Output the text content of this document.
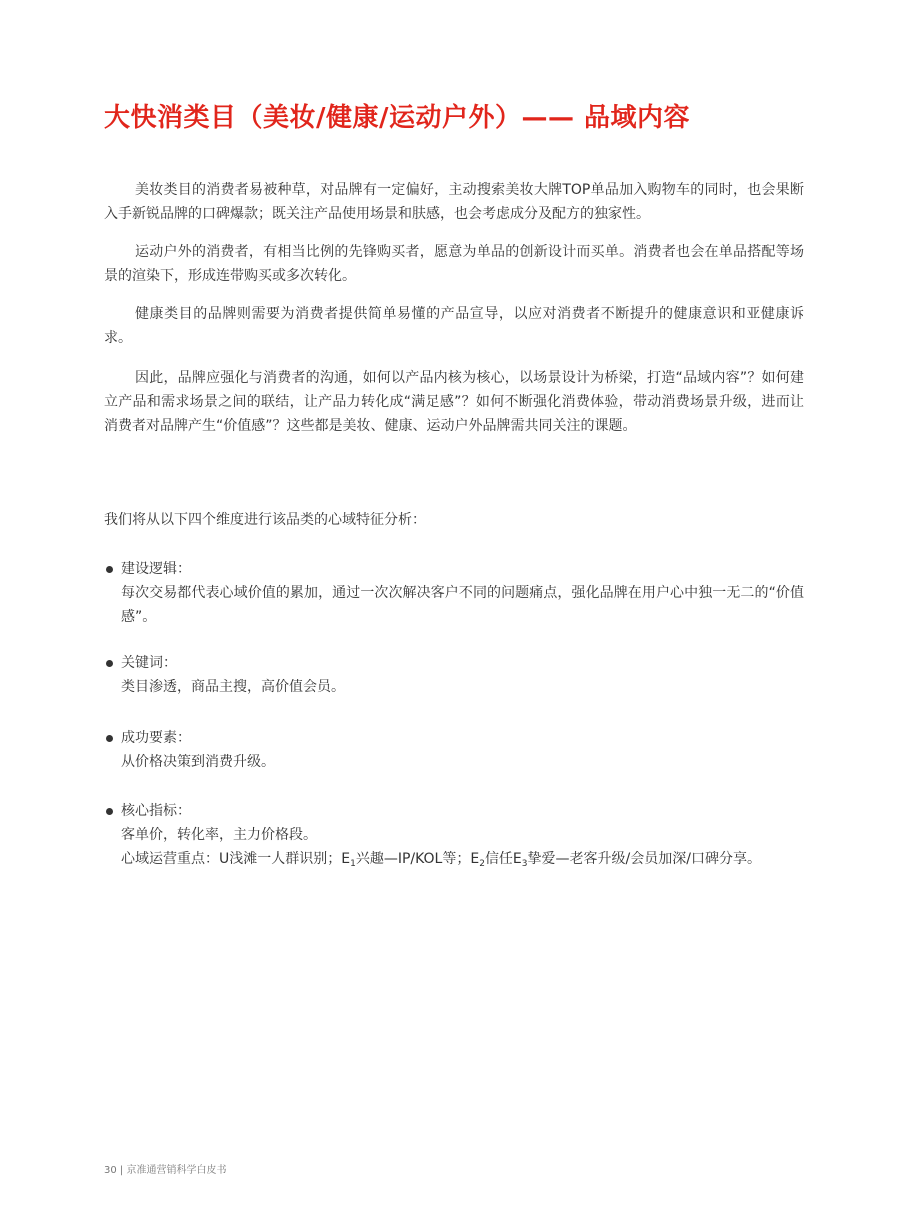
大快消类目（美妆/健康/运动户外）—— 品域内容

美妆类目的消费者易被种草，对品牌有一定偏好，主动搜索美妆大牌TOP单品加入购物车的同时，也会果断入手新锐品牌的口碑爆款；既关注产品使用场景和肤感，也会考虑成分及配方的独家性。

运动户外的消费者，有相当比例的先锋购买者，愿意为单品的创新设计而买单。消费者也会在单品搭配等场景的渲染下，形成连带购买或多次转化。

健康类目的品牌则需要为消费者提供简单易懂的产品宣导，以应对消费者不断提升的健康意识和亚健康诉求。

因此，品牌应强化与消费者的沟通，如何以产品内核为核心，以场景设计为桥梁，打造“品域内容”？如何建立产品和需求场景之间的联结，让产品力转化成“满足感”？如何不断强化消费体验，带动消费场景升级，进而让消费者对品牌产生“价值感”？这些都是美妆、健康、运动户外品牌需共同关注的课题。

我们将从以下四个维度进行该品类的心域特征分析：

建设逻辑：

每次交易都代表心域价值的累加，通过一次次解决客户不同的问题痛点，强化品牌在用户心中独一无二的“价值感”。

关键词：

类目渗透，商品主搜，高价值会员。

成功要素：

从价格决策到消费升级。

核心指标：

客单价，转化率，主力价格段。

心域运营重点：U浅滩一人群识别；$E_1$兴趣—IP/KOL等；$E_2$信任$E_3$挚爱—老客升级/会员加深/口碑分享。

30 | 京准通营销科学白皮书
